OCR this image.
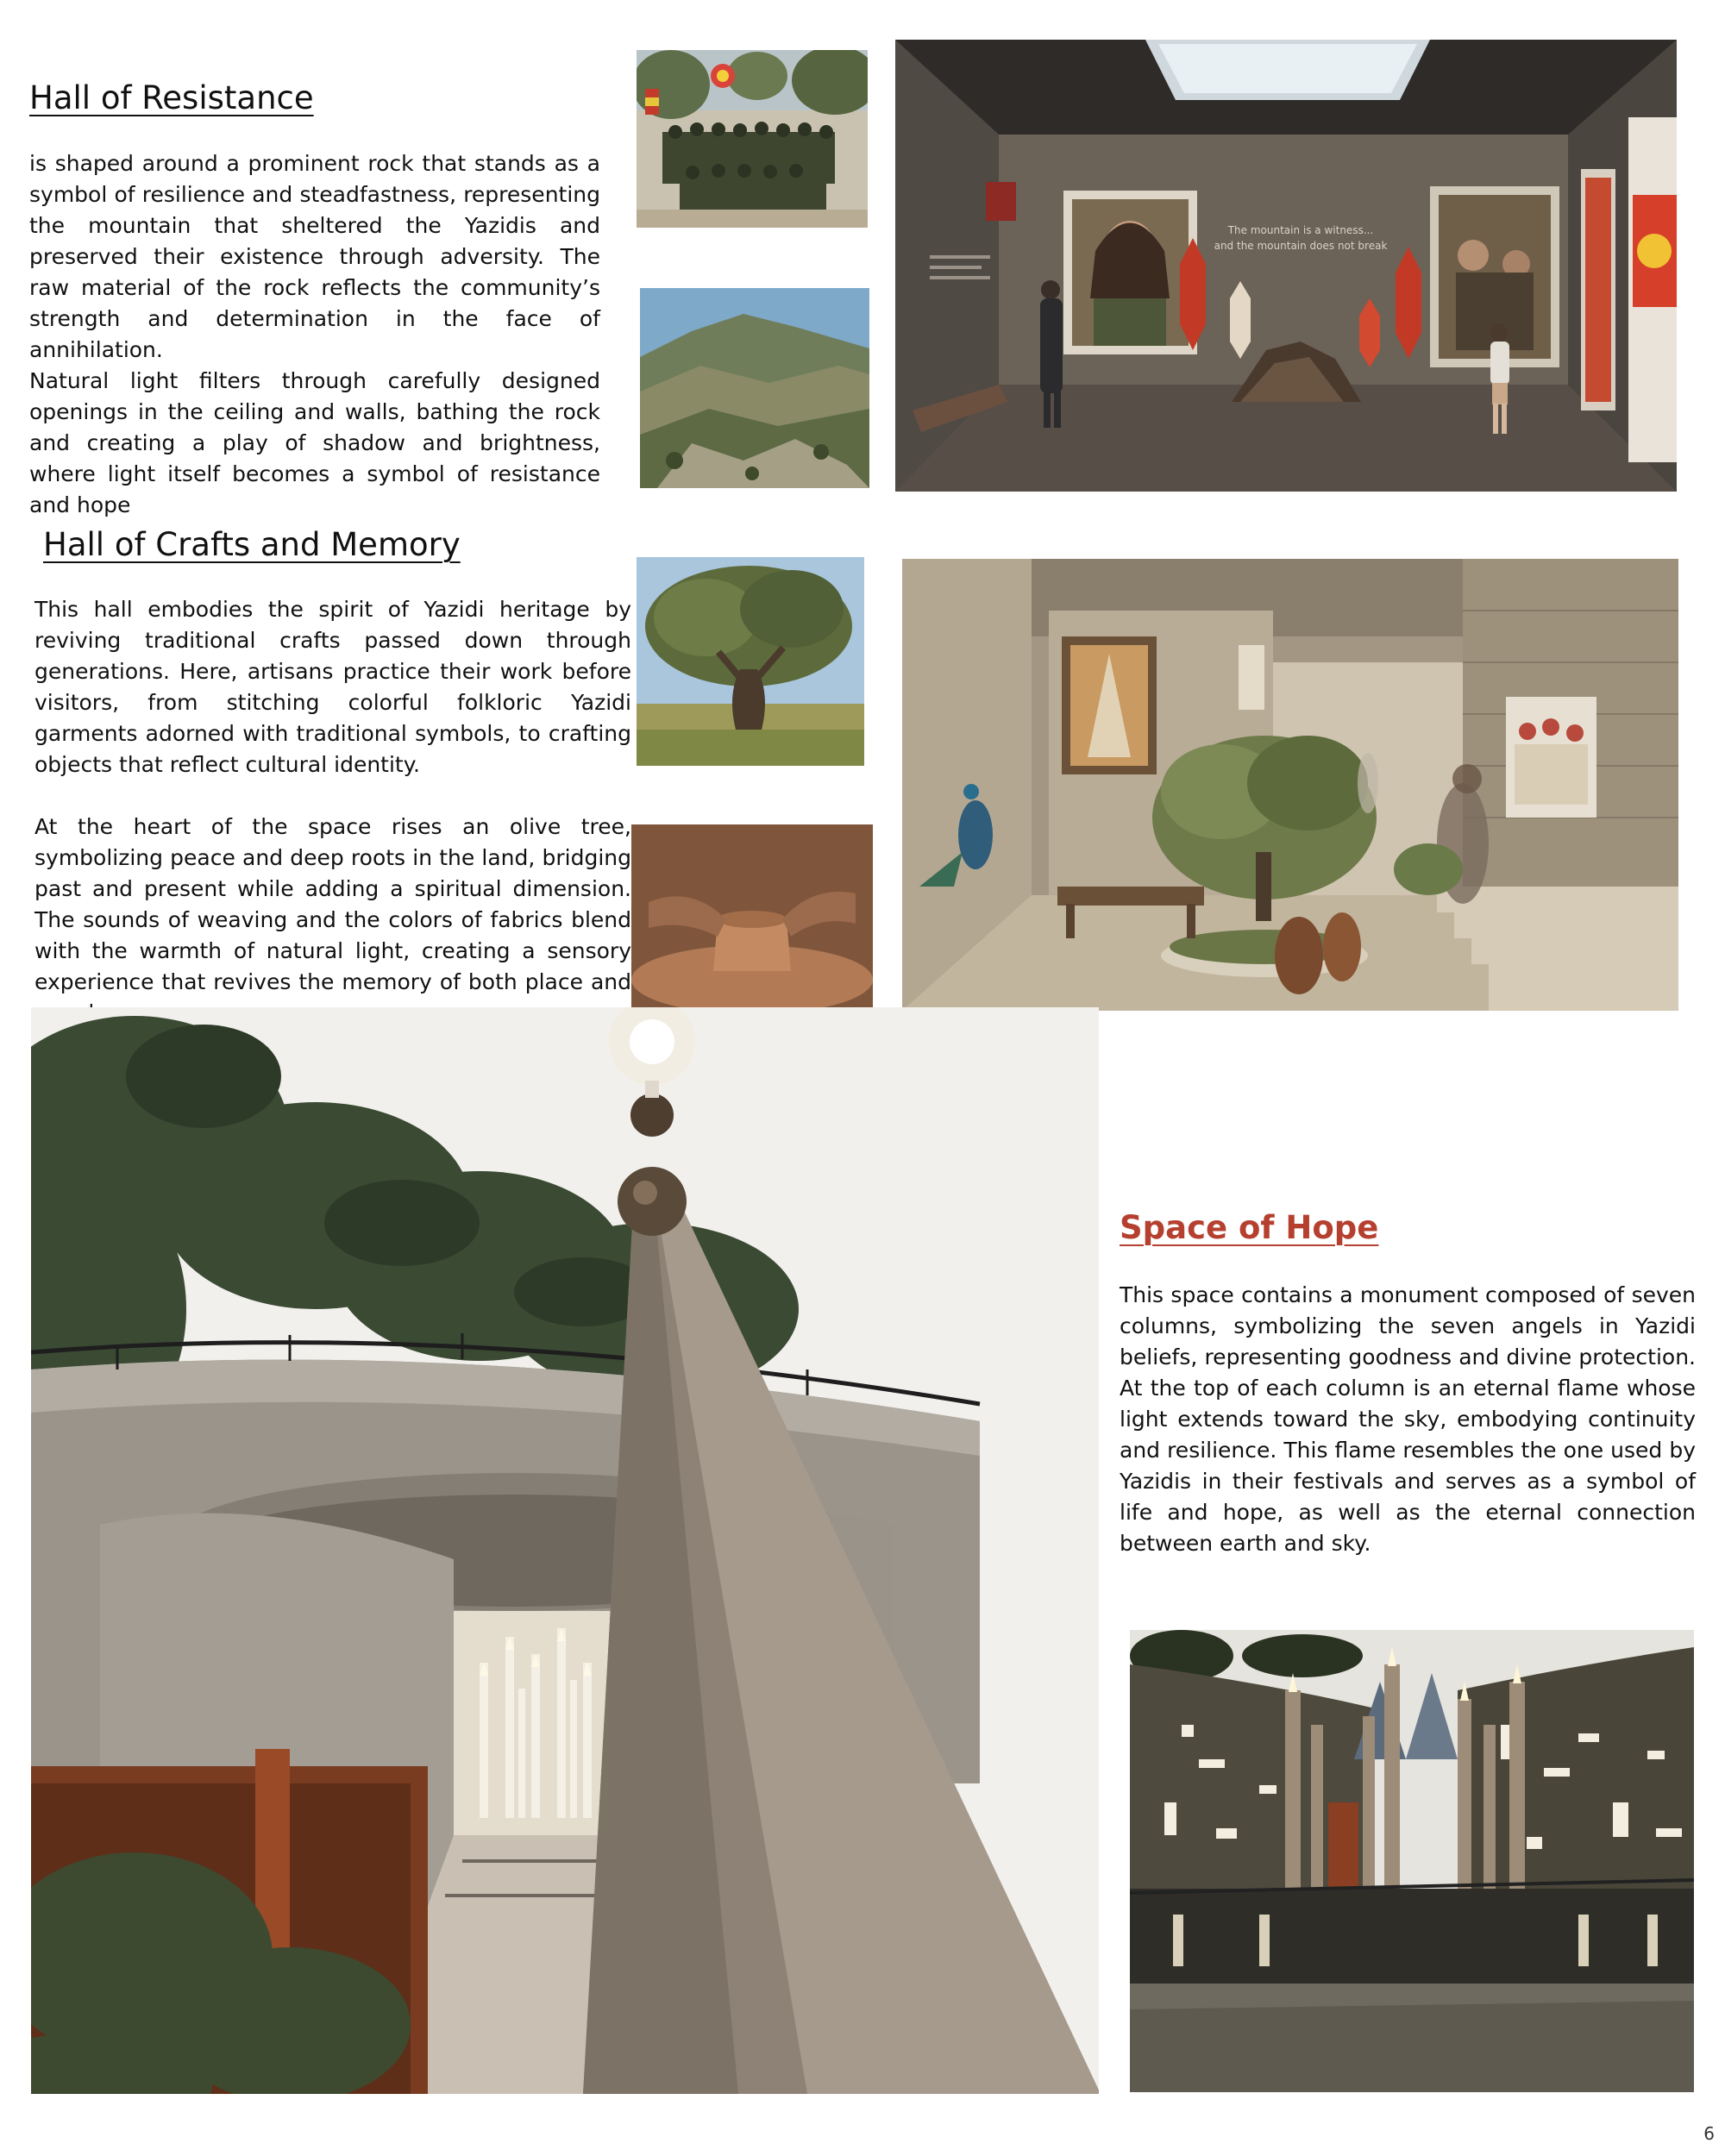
Hall of Resistance

is shaped around a prominent rock that stands as a symbol of resilience and steadfastness, representing the mountain that sheltered the Yazidis and preserved their existence through adversity. The raw material of the rock reflects the community’s strength and determination in the face of annihilation.

Natural light filters through carefully designed openings in the ceiling and walls, bathing the rock and creating a play of shadow and brightness, where light itself becomes a symbol of resistance and hope

The mountain is a witness...
and the mountain does not break
Hall of Crafts and Memory

This hall embodies the spirit of Yazidi heritage by reviving traditional crafts passed down through generations. Here, artisans practice their work before visitors, from stitching colorful folkloric Yazidi garments adorned with traditional symbols, to crafting objects that reflect cultural identity.

At the heart of the space rises an olive tree, symbolizing peace and deep roots in the land, bridging past and present while adding a spiritual dimension. The sounds of weaving and the colors of fabrics blend with the warmth of natural light, creating a sensory experience that revives the memory of both place and

Space of Hope

This space contains a monument composed of seven columns, symbolizing the seven angels in Yazidi beliefs, representing goodness and divine protection. At the top of each column is an eternal flame whose light extends toward the sky, embodying continuity and resilience. This flame resembles the one used by Yazidis in their festivals and serves as a symbol of life and hope, as well as the eternal connection between earth and sky.

6
